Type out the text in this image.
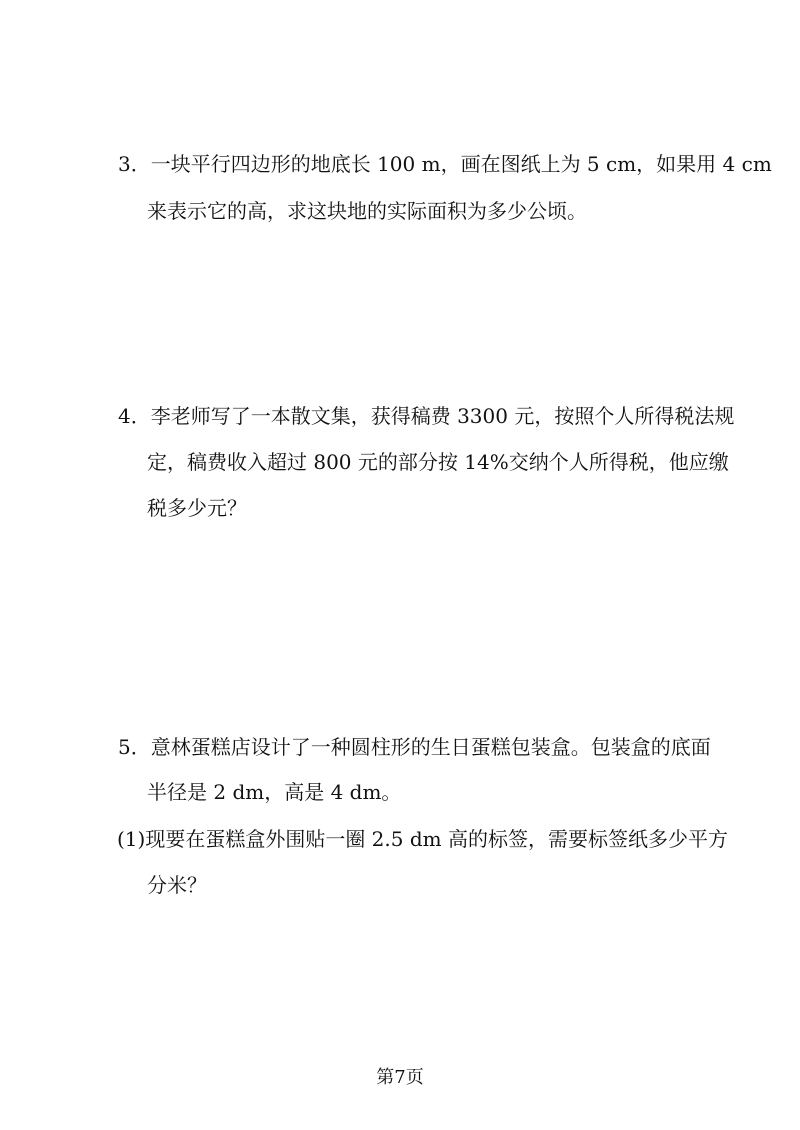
3．一块平行四边形的地底长 100 m，画在图纸上为 5 cm，如果用 4 cm
来表示它的高，求这块地的实际面积为多少公顷。
4．李老师写了一本散文集，获得稿费 3300 元，按照个人所得税法规
定，稿费收入超过 800 元的部分按 14%交纳个人所得税，他应缴
税多少元？
5．意林蛋糕店设计了一种圆柱形的生日蛋糕包装盒。包装盒的底面
半径是 2 dm，高是 4 dm。
(1)现要在蛋糕盒外围贴一圈 2.5 dm 高的标签，需要标签纸多少平方
分米？
第7页
